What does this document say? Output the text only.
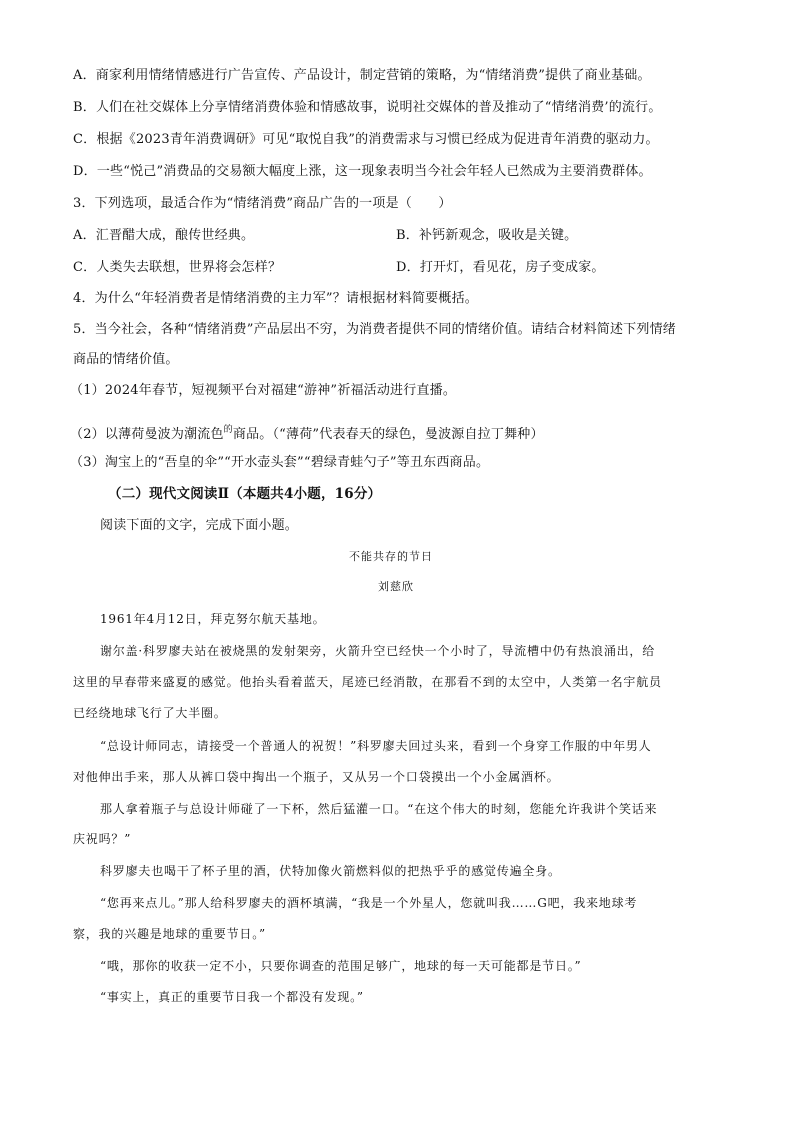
A．商家利用情绪情感进行广告宣传、产品设计，制定营销的策略，为“情绪消费”提供了商业基础。
B．人们在社交媒体上分享情绪消费体验和情感故事，说明社交媒体的普及推动了“情绪消费’的流行。
C．根据《2023青年消费调研》可见“取悦自我”的消费需求与习惯已经成为促进青年消费的驱动力。
D．一些“悦己”消费品的交易额大幅度上涨，这一现象表明当今社会年轻人已然成为主要消费群体。
3．下列选项，最适合作为“情绪消费”商品广告的一项是（　　）
A．汇晋醋大成，酿传世经典。	B．补钙新观念，吸收是关键。
C．人类失去联想，世界将会怎样？	D．打开灯，看见花，房子变成家。
4．为什么“年轻消费者是情绪消费的主力军”？请根据材料简要概括。
5．当今社会，各种“情绪消费”产品层出不穷，为消费者提供不同的情绪价值。请结合材料简述下列情绪
商品的情绪价值。
（1）2024年春节，短视频平台对福建“游神”祈福活动进行直播。
（2）以薄荷曼波为潮流色$^的$商品。（“薄荷”代表春天的绿色，曼波源自拉丁舞种）
（3）淘宝上的“吾皇的伞”“开水壶头套”“碧绿青蛙勺子”等丑东西商品。
（二）现代文阅读Ⅱ（本题共4小题，16分）
阅读下面的文字，完成下面小题。
不能共存的节日
刘慈欣
1961年4月12日，拜克努尔航天基地。
谢尔盖·科罗廖夫站在被烧黑的发射架旁，火箭升空已经快一个小时了，导流槽中仍有热浪涌出，给
这里的早春带来盛夏的感觉。他抬头看着蓝天，尾迹已经消散，在那看不到的太空中，人类第一名宇航员
已经绕地球飞行了大半圈。
“总设计师同志，请接受一个普通人的祝贺！”科罗廖夫回过头来，看到一个身穿工作服的中年男人
对他伸出手来，那人从裤口袋中掏出一个瓶子，又从另一个口袋摸出一个小金属酒杯。
那人拿着瓶子与总设计师碰了一下杯，然后猛灌一口。“在这个伟大的时刻，您能允许我讲个笑话来
庆祝吗？”
科罗廖夫也喝干了杯子里的酒，伏特加像火箭燃料似的把热乎乎的感觉传遍全身。
“您再来点儿。”那人给科罗廖夫的酒杯填满，“我是一个外星人，您就叫我……G吧，我来地球考
察，我的兴趣是地球的重要节日。”
“哦，那你的收获一定不小，只要你调查的范围足够广，地球的每一天可能都是节日。”
“事实上，真正的重要节日我一个都没有发现。”
